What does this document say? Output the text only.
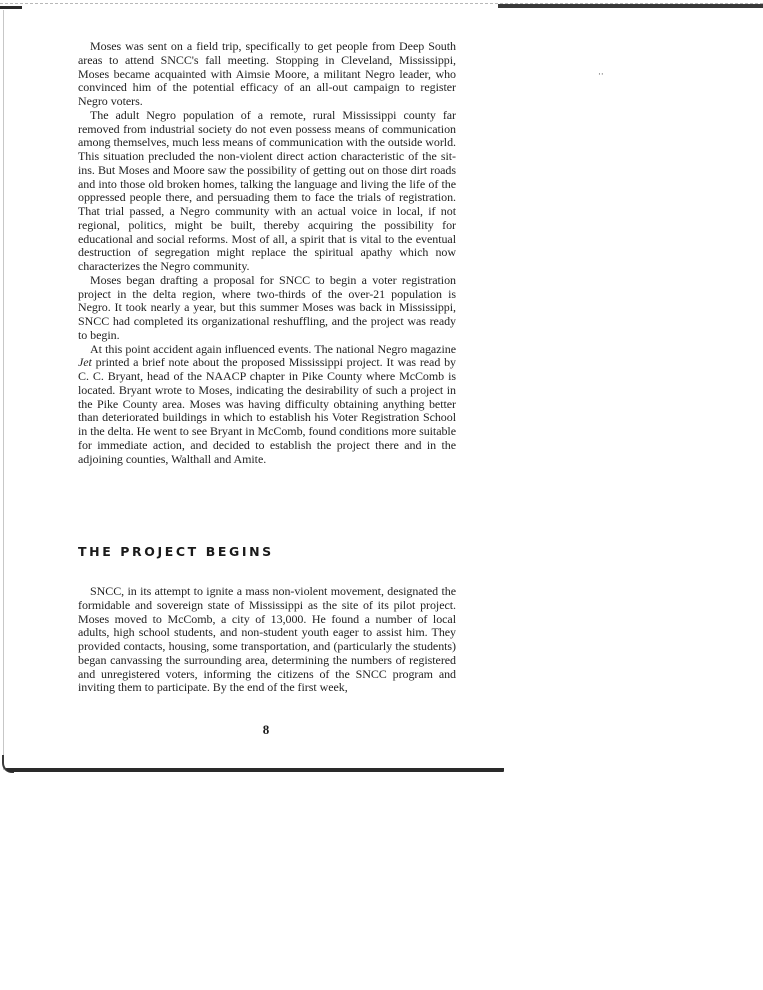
⋅⋅

Moses was sent on a field trip, specifically to get people from Deep South areas to attend SNCC's fall meeting. Stopping in Cleveland, Mississippi, Moses became acquainted with Aimsie Moore, a militant Negro leader, who convinced him of the potential efficacy of an all-out campaign to register Negro voters.

The adult Negro population of a remote, rural Mississippi county far removed from industrial society do not even possess means of communication among themselves, much less means of communication with the outside world. This situation precluded the non-violent direct action characteristic of the sit-ins. But Moses and Moore saw the possibility of getting out on those dirt roads and into those old broken homes, talking the language and living the life of the oppressed people there, and persuading them to face the trials of registration. That trial passed, a Negro community with an actual voice in local, if not regional, politics, might be built, thereby acquiring the possibility for educational and social reforms. Most of all, a spirit that is vital to the eventual destruction of segregation might replace the spiritual apathy which now characterizes the Negro community.

Moses began drafting a proposal for SNCC to begin a voter registration project in the delta region, where two-thirds of the over-21 population is Negro. It took nearly a year, but this summer Moses was back in Mississippi, SNCC had completed its organizational reshuffling, and the project was ready to begin.

At this point accident again influenced events. The national Negro magazine Jet printed a brief note about the proposed Mississippi project. It was read by C. C. Bryant, head of the NAACP chapter in Pike County where McComb is located. Bryant wrote to Moses, indicating the desirability of such a project in the Pike County area. Moses was having difficulty obtaining anything better than deteriorated buildings in which to establish his Voter Registration School in the delta. He went to see Bryant in McComb, found conditions more suitable for immediate action, and decided to establish the project there and in the adjoining counties, Walthall and Amite.

THE PROJECT BEGINS

SNCC, in its attempt to ignite a mass non-violent movement, designated the formidable and sovereign state of Mississippi as the site of its pilot project. Moses moved to McComb, a city of 13,000. He found a number of local adults, high school students, and non-student youth eager to assist him. They provided contacts, housing, some transportation, and (particularly the students) began canvassing the surrounding area, determining the numbers of registered and unregistered voters, informing the citizens of the SNCC program and inviting them to participate. By the end of the first week,

8
